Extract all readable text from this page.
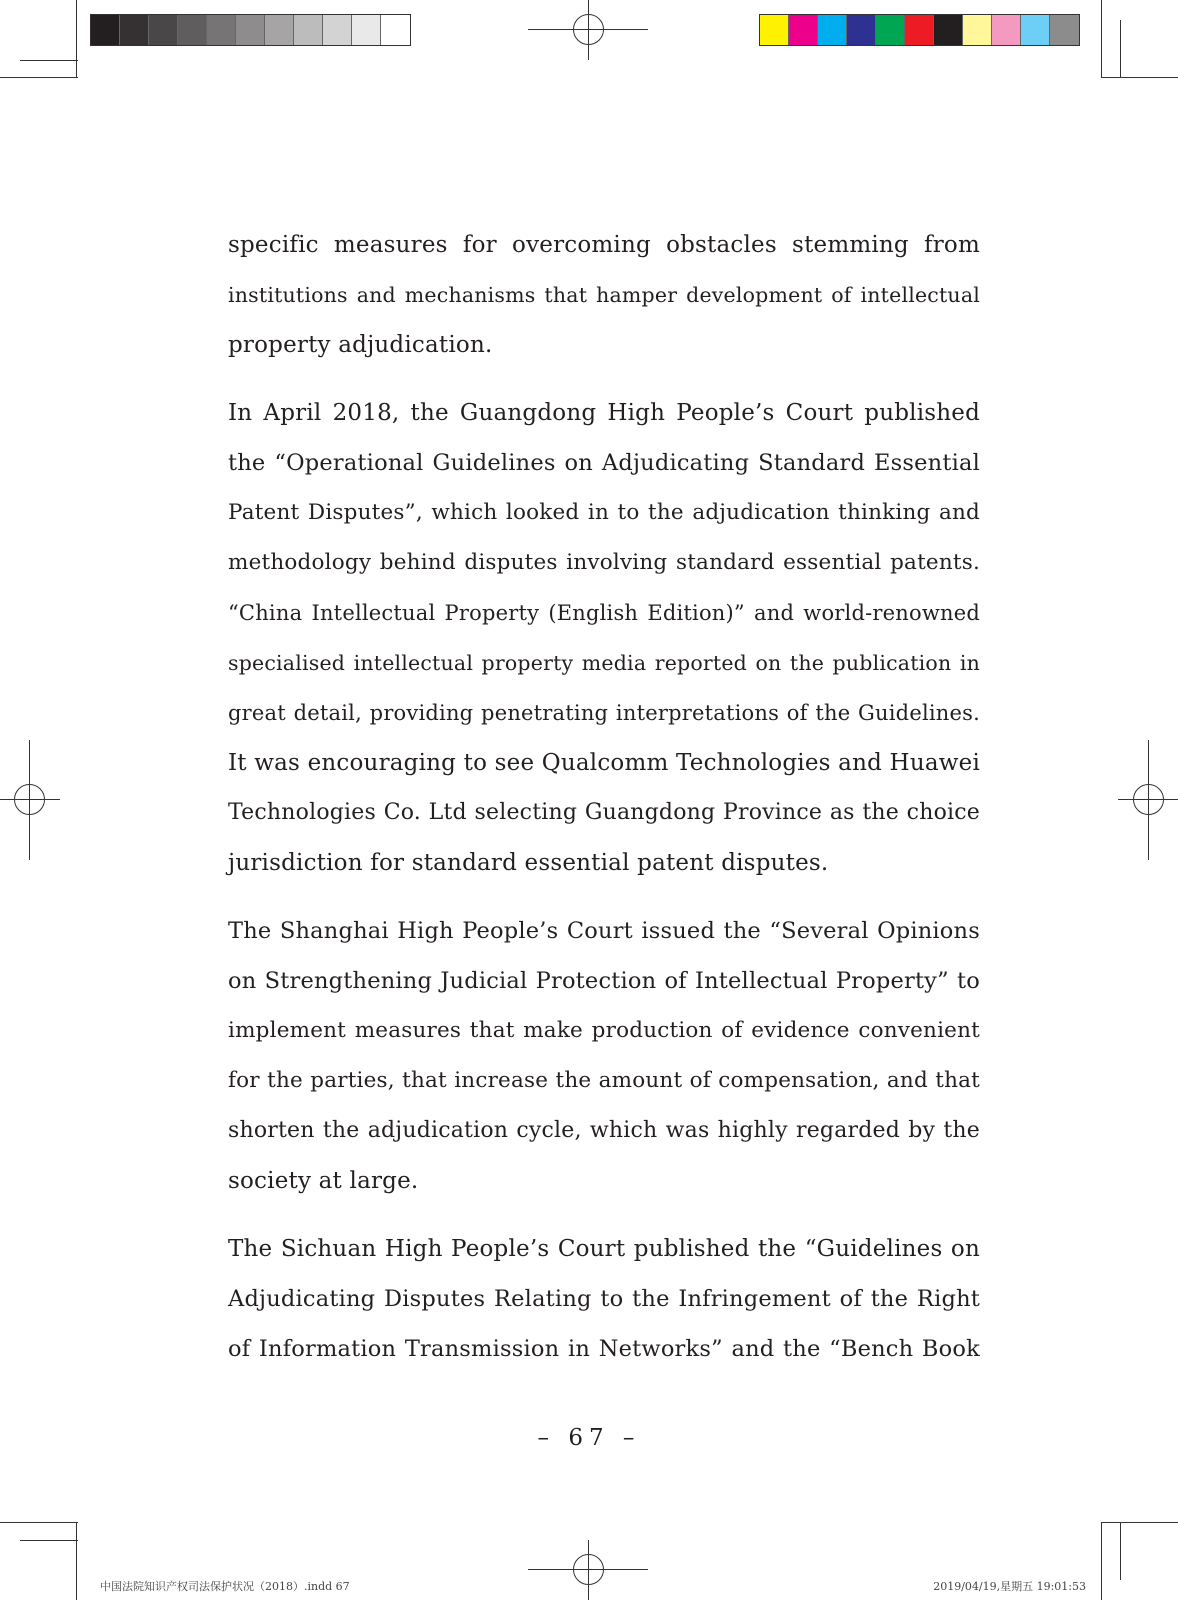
specific measures for overcoming obstacles stemming from
institutions and mechanisms that hamper development of intellectual
property adjudication.
In April 2018, the Guangdong High People’s Court published
the “Operational Guidelines on Adjudicating Standard Essential
Patent Disputes”, which looked in to the adjudication thinking and
methodology behind disputes involving standard essential patents.
“China Intellectual Property (English Edition)” and world-renowned
specialised intellectual property media reported on the publication in
great detail, providing penetrating interpretations of the Guidelines.
It was encouraging to see Qualcomm Technologies and Huawei
Technologies Co. Ltd selecting Guangdong Province as the choice
jurisdiction for standard essential patent disputes.
The Shanghai High People’s Court issued the “Several Opinions
on Strengthening Judicial Protection of Intellectual Property” to
implement measures that make production of evidence convenient
for the parties, that increase the amount of compensation, and that
shorten the adjudication cycle, which was highly regarded by the
society at large.
The Sichuan High People’s Court published the “Guidelines on
Adjudicating Disputes Relating to the Infringement of the Right
of Information Transmission in Networks” and the “Bench Book
– 67 –
中国法院知识产权司法保护状况（2018）.indd 67	2019/04/19,星期五 19:01:53
